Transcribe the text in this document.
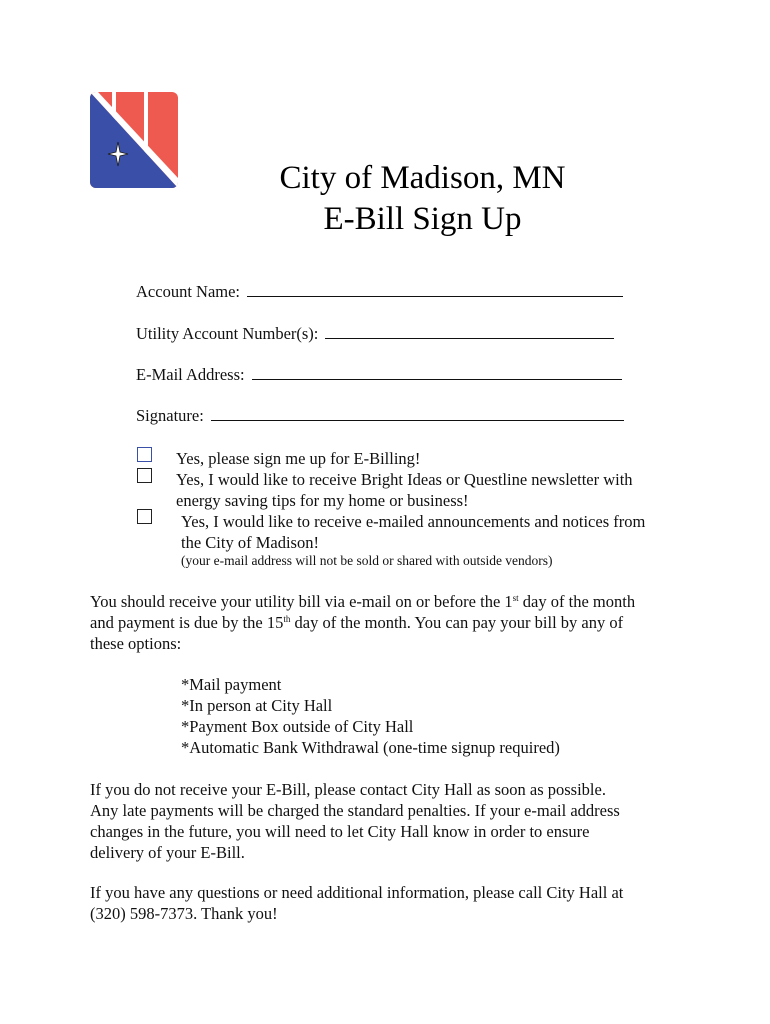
City of Madison, MN
E-Bill Sign Up
Account Name:
Utility Account Number(s):
E-Mail Address:
Signature:
Yes, please sign me up for E-Billing!
Yes, I would like to receive Bright Ideas or Questline newsletter with
energy saving tips for my home or business!
Yes, I would like to receive e-mailed announcements and notices from
the City of Madison!
(your e-mail address will not be sold or shared with outside vendors)
You should receive your utility bill via e-mail on or before the 1st day of the month
and payment is due by the 15th day of the month. You can pay your bill by any of
these options:
*Mail payment
*In person at City Hall
*Payment Box outside of City Hall
*Automatic Bank Withdrawal (one-time signup required)
If you do not receive your E-Bill, please contact City Hall as soon as possible.
Any late payments will be charged the standard penalties. If your e-mail address
changes in the future, you will need to let City Hall know in order to ensure
delivery of your E-Bill.
If you have any questions or need additional information, please call City Hall at
(320) 598-7373. Thank you!
